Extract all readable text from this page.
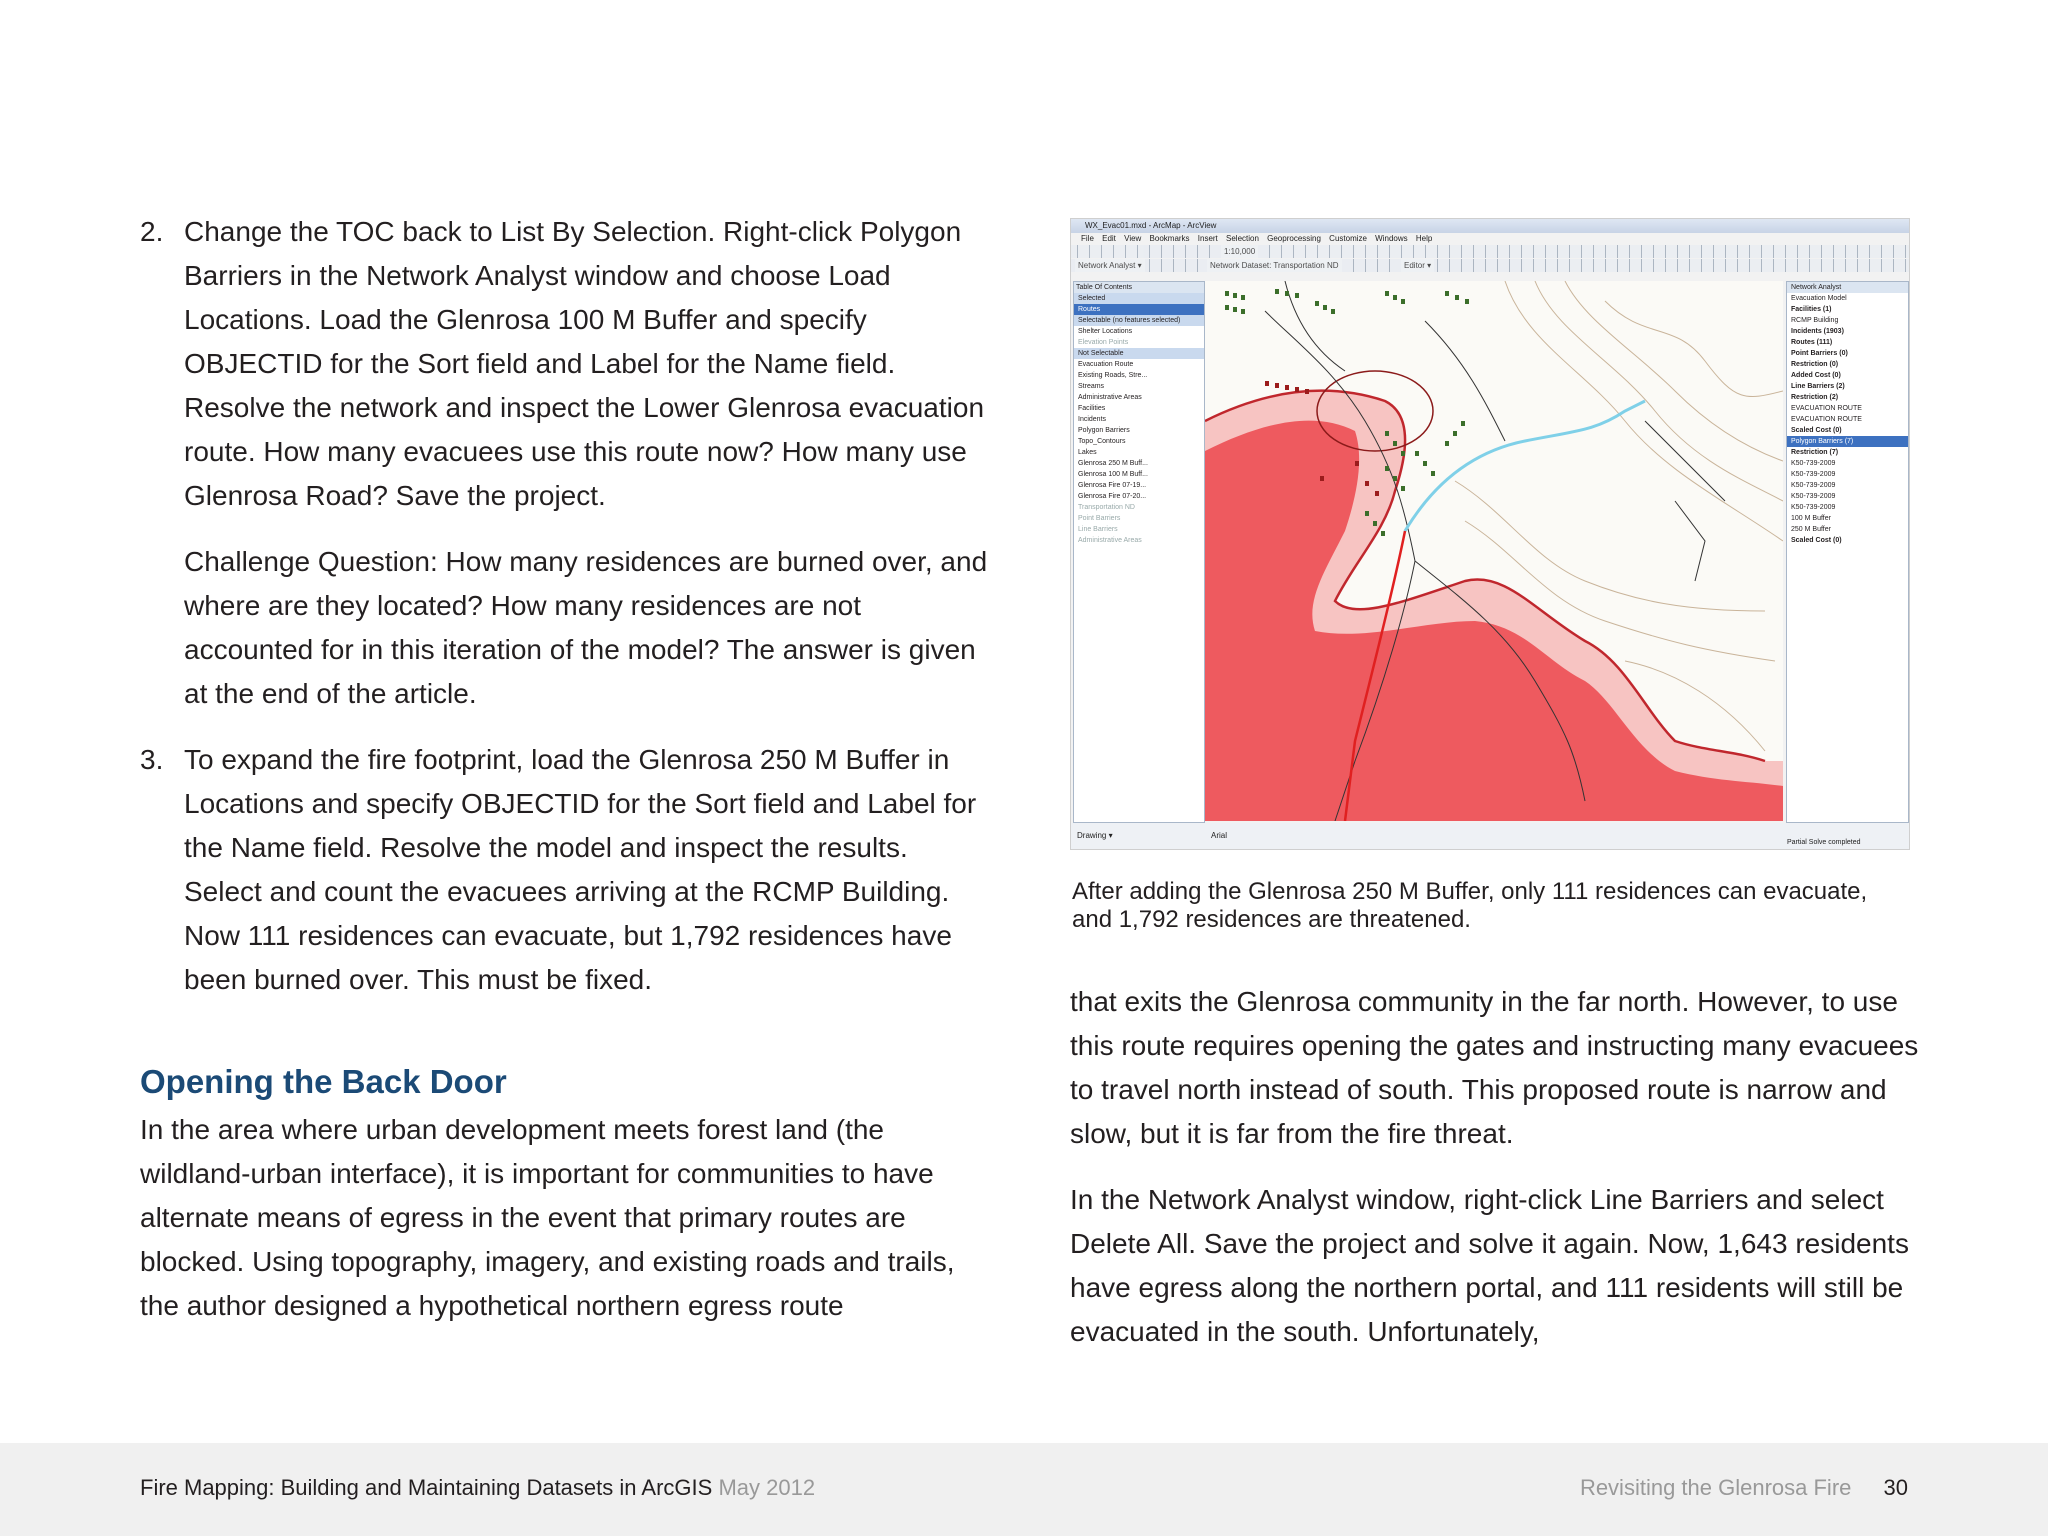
2. Change the TOC back to List By Selection. Right-click Polygon Barriers in the Network Analyst window and choose Load Locations. Load the Glenrosa 100 M Buffer and specify OBJECTID for the Sort field and Label for the Name field. Resolve the network and inspect the Lower Glenrosa evacuation route. How many evacuees use this route now? How many use Glenrosa Road? Save the project.

Challenge Question: How many residences are burned over, and where are they located? How many residences are not accounted for in this iteration of the model? The answer is given at the end of the article.

3. To expand the fire footprint, load the Glenrosa 250 M Buffer in Locations and specify OBJECTID for the Sort field and Label for the Name field. Resolve the model and inspect the results. Select and count the evacuees arriving at the RCMP Building. Now 111 residences can evacuate, but 1,792 residences have been burned over. This must be fixed.

Opening the Back Door

In the area where urban development meets forest land (the wildland-urban interface), it is important for communities to have alternate means of egress in the event that primary routes are blocked. Using topography, imagery, and existing roads and trails, the author designed a hypothetical northern egress route

WX_Evac01.mxd - ArcMap - ArcView
File Edit View Bookmarks Insert Selection Geoprocessing Customize Windows Help
1:10,000
Network Analyst ▾	Network Dataset: Transportation ND	Editor ▾
Table Of Contents
Selected
Routes
Selectable (no features selected)
Shelter Locations
Elevation Points
Not Selectable
Evacuation Route
Existing Roads, Stre...
Streams
Administrative Areas
Facilities
Incidents
Polygon Barriers
Topo_Contours
Lakes
Glenrosa 250 M Buff...
Glenrosa 100 M Buff...
Glenrosa Fire 07-19...
Glenrosa Fire 07-20...
Transportation ND
Point Barriers
Line Barriers
Administrative Areas
Network Analyst
Evacuation Model
Facilities (1)
RCMP Building
Incidents (1903)
Routes (111)
Point Barriers (0)
Restriction (0)
Added Cost (0)
Line Barriers (2)
Restriction (2)
EVACUATION ROUTE
EVACUATION ROUTE
Scaled Cost (0)
Polygon Barriers (7)
Restriction (7)
K50-739-2009
K50-739-2009
K50-739-2009
K50-739-2009
K50-739-2009
100 M Buffer
250 M Buffer
Scaled Cost (0)
Drawing ▾	Arial
Partial Solve completed

After adding the Glenrosa 250 M Buffer, only 111 residences can evacuate, and 1,792 residences are threatened.

that exits the Glenrosa community in the far north. However, to use this route requires opening the gates and instructing many evacuees to travel north instead of south. This proposed route is narrow and slow, but it is far from the fire threat.

In the Network Analyst window, right-click Line Barriers and select Delete All. Save the project and solve it again. Now, 1,643 residents have egress along the northern portal, and 111 residents will still be evacuated in the south. Unfortunately,

Fire Mapping: Building and Maintaining Datasets in ArcGIS May 2012	Revisiting the Glenrosa Fire 30
